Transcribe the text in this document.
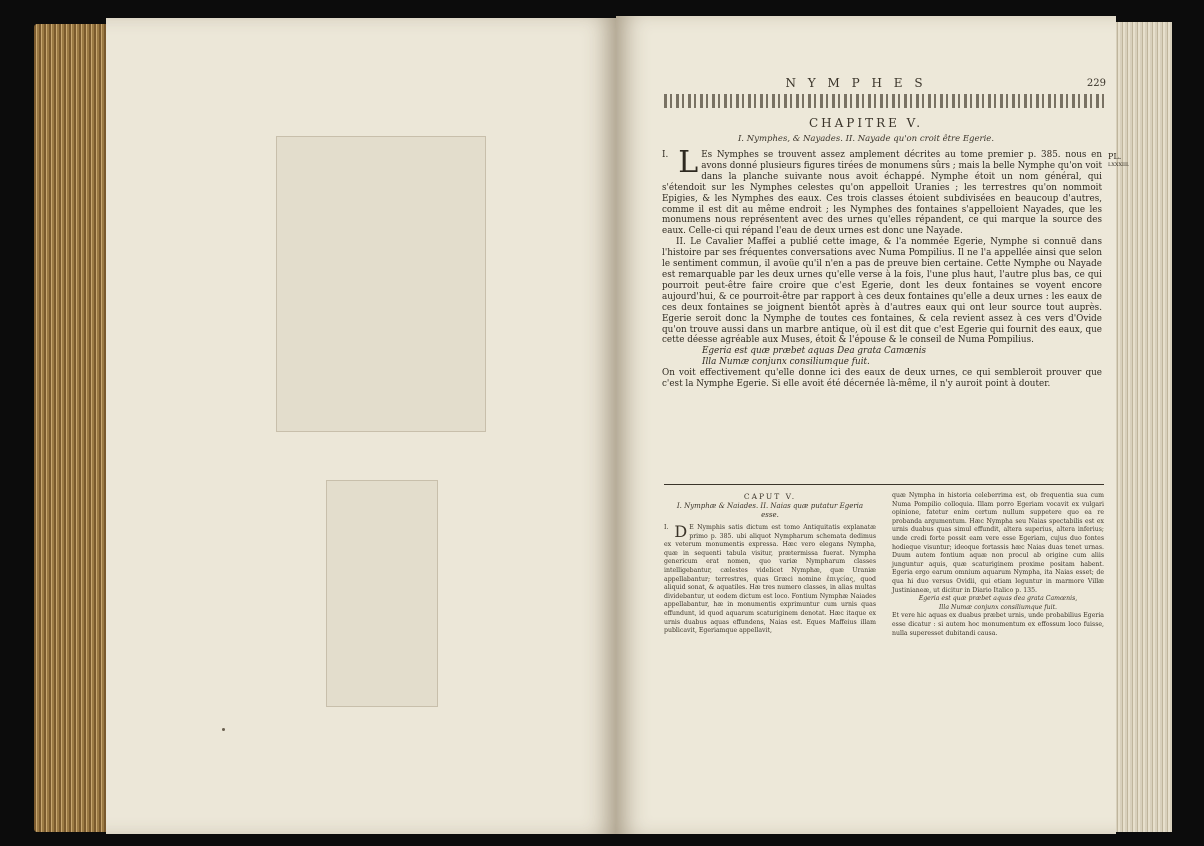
N Y M P H E S	229
CHAPITRE V.
I. Nymphes, & Nayades. II. Nayade qu'on croit être Egerie.
PL.
LXXXIII.

I. L Es Nymphes se trouvent assez amplement décrites au tome premier p. 385. nous en avons donné plusieurs figures tirées de monumens sûrs ; mais la belle Nymphe qu'on voit dans la planche suivante nous avoit échappé. Nymphe étoit un nom général, qui s'étendoit sur les Nymphes celestes qu'on appelloit Uranies ; les terrestres qu'on nommoit Epigies, & les Nymphes des eaux. Ces trois classes étoient subdivisées en beaucoup d'autres, comme il est dit au même endroit ; les Nymphes des fontaines s'appelloient Nayades, que les monumens nous représentent avec des urnes qu'elles répandent, ce qui marque la source des eaux. Celle-ci qui répand l'eau de deux urnes est donc une Nayade.

II. Le Cavalier Maffei a publié cette image, & l'a nommée Egerie, Nymphe si connuë dans l'histoire par ses fréquentes conversations avec Numa Pompilius. Il ne l'a appellée ainsi que selon le sentiment commun, il avoüe qu'il n'en a pas de preuve bien certaine. Cette Nymphe ou Nayade est remarquable par les deux urnes qu'elle verse à la fois, l'une plus haut, l'autre plus bas, ce qui pourroit peut-être faire croire que c'est Egerie, dont les deux fontaines se voyent encore aujourd'hui, & ce pourroit-être par rapport à ces deux fontaines qu'elle a deux urnes : les eaux de ces deux fontaines se joignent bientôt après à d'autres eaux qui ont leur source tout auprès. Egerie seroit donc la Nymphe de toutes ces fontaines, & cela revient assez à ces vers d'Ovide qu'on trouve aussi dans un marbre antique, où il est dit que c'est Egerie qui fournit des eaux, que cette déesse agréable aux Muses, étoit & l'épouse & le conseil de Numa Pompilius.

Egeria est quæ præbet aquas Dea grata Camœnis

Illa Numæ conjunx consiliumque fuit.

On voit effectivement qu'elle donne ici des eaux de deux urnes, ce qui sembleroit prouver que c'est la Nymphe Egerie. Si elle avoit été décernée là-même, il n'y auroit point à douter.

CAPUT V.
I. Nymphæ & Naiades. II. Naias quæ putatur Egeria esse.

I. D E Nymphis satis dictum est tomo Antiquitatis explanatæ primo p. 385. ubi aliquot Nympharum schemata dedimus ex veterum monumentis expressa. Hæc vero elegans Nympha, quæ in sequenti tabula visitur, prætermissa fuerat. Nympha genericum erat nomen, quo variæ Nympharum classes intelligebantur, cælestes videlicet Nymphæ, quæ Uraniæ appellabantur; terrestres, quas Græci nomine ἐπιγείας, quod aliquid sonat, & aquatiles. Hæ tres numero classes, in alias multas dividebantur, ut eodem dictum est loco. Fontium Nymphæ Naiades appellabantur, hæ in monumentis exprimuntur cum urnis quas effundunt, id quod aquarum scaturiginem denotat. Hæc itaque ex urnis duabus aquas effundens, Naias est. Eques Maffeius illam publicavit, Egeriamque appellavit,

quæ Nympha in historia celeberrima est, ob frequentia sua cum Numa Pompilio colloquia. Illam porro Egeriam vocavit ex vulgari opinione, fatetur enim certum nullum suppetere quo ea re probanda argumentum. Hæc Nympha seu Naias spectabilis est ex urnis duabus quas simul effundit, altera superius, altera inferius; unde credi forte possit eam vere esse Egeriam, cujus duo fontes hodieque visuntur; ideoque fortassis hæc Naias duas tenet urnas. Duum autem fontium aquæ non procul ab origine cum aliis junguntur aquis, quæ scaturiginem proxime positam habent. Egeria ergo earum omnium aquarum Nympha, ita Naias esset; de qua hi duo versus Ovidii, qui etiam leguntur in marmore Villæ Justinianeæ, ut dicitur in Diario Italico p. 135.

Egeria est quæ præbet aquas dea grata Camœnis,

Illa Numæ conjunx consiliumque fuit.

Et vere hic aquas ex duabus præbet urnis, unde probabilius Egeria esse dicatur : si autem hoc monumentum ex effossum loco fuisse, nulla superesset dubitandi causa.
